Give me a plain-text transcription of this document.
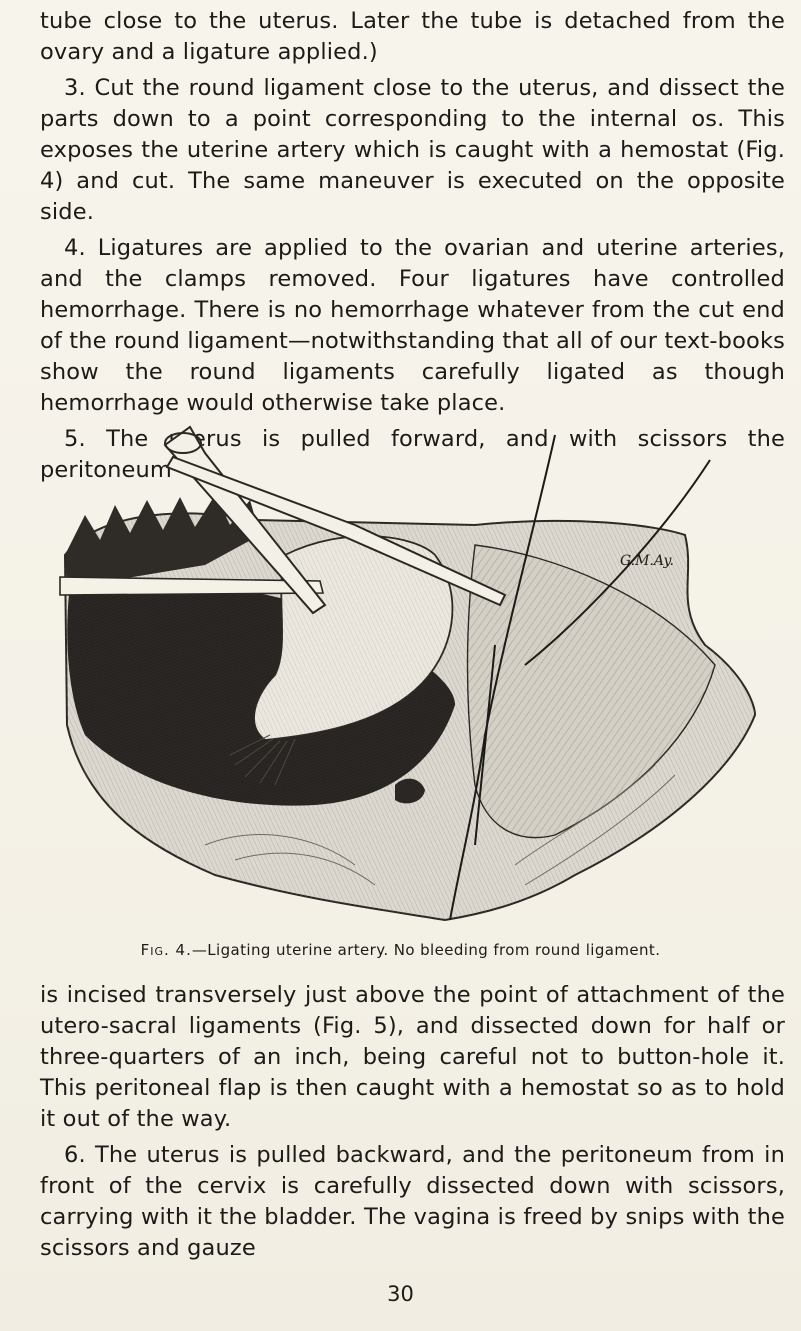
tube close to the uterus. Later the tube is detached from the ovary and a ligature applied.)

3. Cut the round ligament close to the uterus, and dissect the parts down to a point corresponding to the internal os. This exposes the uterine artery which is caught with a hemostat (Fig. 4) and cut. The same maneuver is executed on the opposite side.

4. Ligatures are applied to the ovarian and uterine arteries, and the clamps removed. Four ligatures have controlled hemorrhage. There is no hemorrhage whatever from the cut end of the round ligament—notwithstanding that all of our text-books show the round ligaments carefully ligated as though hemorrhage would otherwise take place.

5. The uterus is pulled forward, and with scissors the peritoneum

G.M.Ay.
Fig. 4.—Ligating uterine artery. No bleeding from round ligament.

is incised transversely just above the point of attachment of the utero-sacral ligaments (Fig. 5), and dissected down for half or three-quarters of an inch, being careful not to button-hole it. This peritoneal flap is then caught with a hemostat so as to hold it out of the way.

6. The uterus is pulled backward, and the peritoneum from in front of the cervix is carefully dissected down with scissors, carrying with it the bladder. The vagina is freed by snips with the scissors and gauze

30
